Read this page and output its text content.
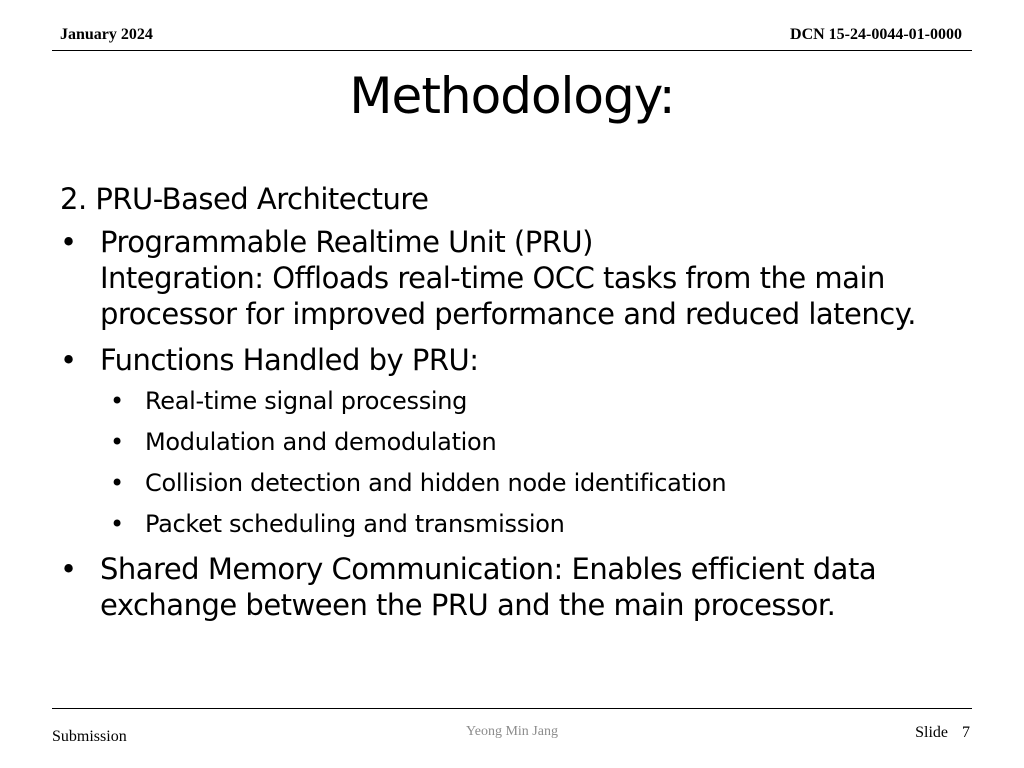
January 2024	DCN 15-24-0044-01-0000
Methodology:
2. PRU-Based Architecture
• Programmable Realtime Unit (PRU)
Integration: Offloads real-time OCC tasks from the main processor for improved performance and reduced latency.
• Functions Handled by PRU:
• Real-time signal processing
• Modulation and demodulation
• Collision detection and hidden node identification
• Packet scheduling and transmission
• Shared Memory Communication: Enables efficient data exchange between the PRU and the main processor.
Submission	Yeong Min Jang	Slide 7
